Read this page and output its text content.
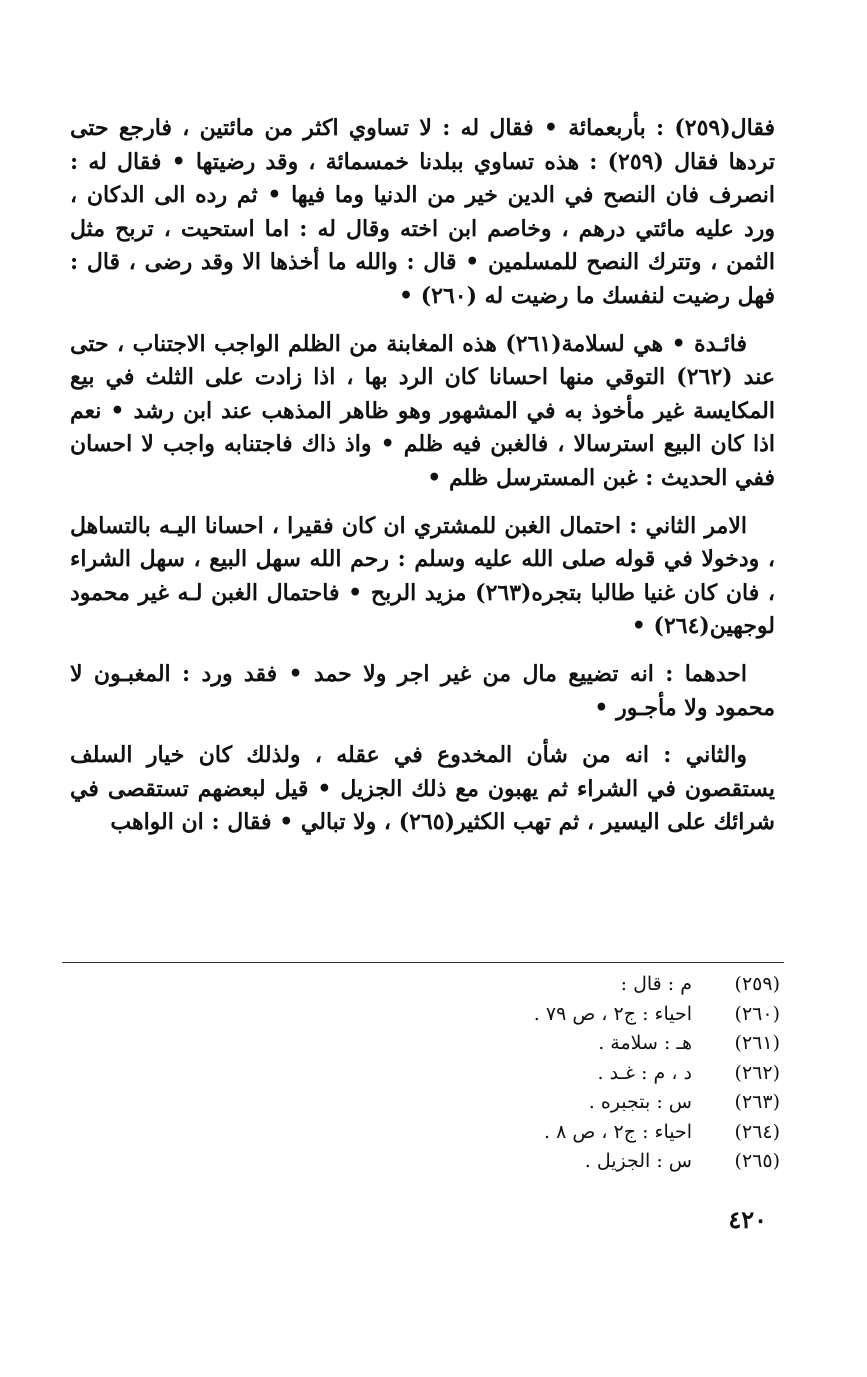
فقال(٢٥٩) : بأربعمائة • فقال له : لا تساوي اكثر من مائتين ، فارجع حتى تردها فقال (٢٥٩) : هذه تساوي ببلدنا خمسمائة ، وقد رضيتها • فقال له : انصرف فان النصح في الدين خير من الدنيا وما فيها • ثم رده الى الدكان ، ورد عليه مائتي درهم ، وخاصم ابن اخته وقال له : اما استحيت ، تربح مثل الثمن ، وتترك النصح للمسلمين • قال : والله ما أخذها الا وقد رضى ، قال : فهل رضيت لنفسك ما رضيت له (٢٦٠) •

فائـدة • هي لسلامة(٢٦١) هذه المغابنة من الظلم الواجب الاجتناب ، حتى عند (٢٦٢) التوقي منها احسانا كان الرد بها ، اذا زادت على الثلث في بيع المكايسة غير مأخوذ به في المشهور وهو ظاهر المذهب عند ابن رشد • نعم اذا كان البيع استرسالا ، فالغبن فيه ظلم • واذ ذاك فاجتنابه واجب لا احسان ففي الحديث : غبن المسترسل ظلم •

الامر الثاني : احتمال الغبن للمشتري ان كان فقيرا ، احسانا اليـه بالتساهل ، ودخولا في قوله صلى الله عليه وسلم : رحم الله سهل البيع ، سهل الشراء ، فان كان غنيا طالبا بتجره(٢٦٣) مزيد الربح • فاحتمال الغبن لـه غير محمود لوجهين(٢٦٤) •

احدهما : انه تضييع مال من غير اجر ولا حمد • فقد ورد : المغبـون لا محمود ولا مأجـور •

والثاني : انه من شأن المخدوع في عقله ، ولذلك كان خيار السلف يستقصون في الشراء ثم يهبون مع ذلك الجزيل • قيل لبعضهم تستقصى في شرائك على اليسير ، ثم تهب الكثير(٢٦٥) ، ولا تبالي • فقال : ان الواهب

(٢٥٩)
م : قال :
(٢٦٠)
احياء : ج٢ ، ص ٧٩ .
(٢٦١)
هـ : سلامة .
(٢٦٢)
د ، م : غـد .
(٢٦٣)
س : بتجبره .
(٢٦٤)
احياء : ج٢ ، ص ٨ .
(٢٦٥)
س : الجزيل .
٤٢٠
